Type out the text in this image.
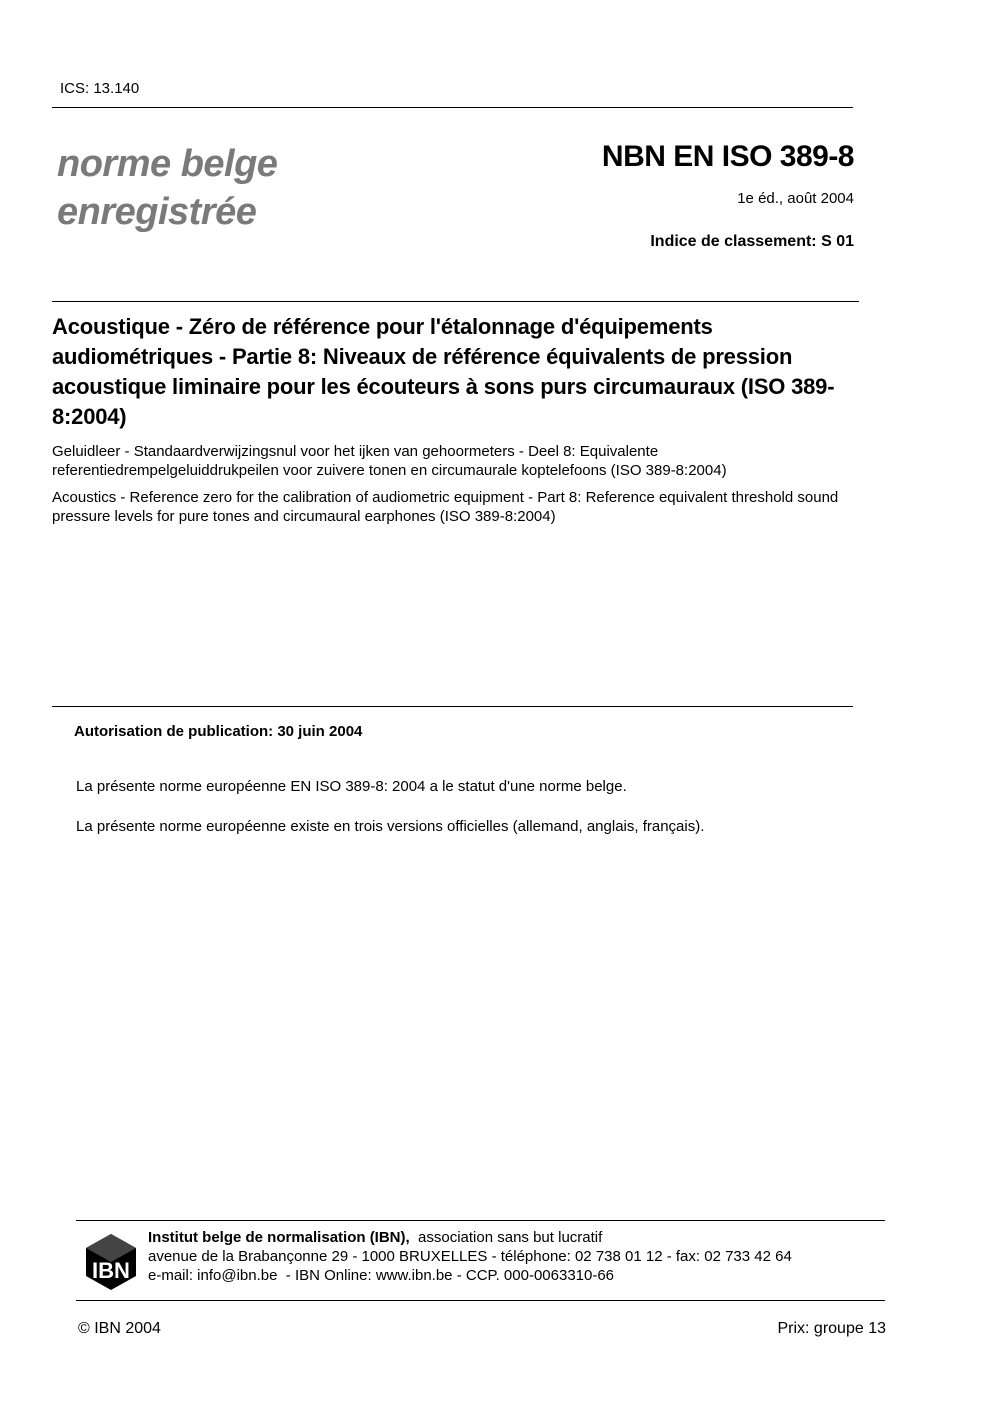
ICS: 13.140
norme belge
enregistrée
NBN EN ISO 389-8
1e éd., août 2004
Indice de classement: S 01
Acoustique - Zéro de référence pour l'étalonnage d'équipements audiométriques - Partie 8: Niveaux de référence équivalents de pression acoustique liminaire pour les écouteurs à sons purs circumauraux (ISO 389-8:2004)
Geluidleer - Standaardverwijzingsnul voor het ijken van gehoormeters - Deel 8: Equivalente referentiedrempelgeluiddrukpeilen voor zuivere tonen en circumaurale koptelefoons (ISO 389-8:2004)
Acoustics - Reference zero for the calibration of audiometric equipment - Part 8: Reference equivalent threshold sound pressure levels for pure tones and circumaural earphones (ISO 389-8:2004)
Autorisation de publication: 30 juin 2004
La présente norme européenne EN ISO 389-8: 2004 a le statut d'une norme belge.
La présente norme européenne existe en trois versions officielles (allemand, anglais, français).
IBN
Institut belge de normalisation (IBN), association sans but lucratif
avenue de la Brabançonne 29 - 1000 BRUXELLES - téléphone: 02 738 01 12 - fax: 02 733 42 64
e-mail: info@ibn.be  - IBN Online: www.ibn.be - CCP. 000-0063310-66
© IBN 2004	Prix: groupe 13
